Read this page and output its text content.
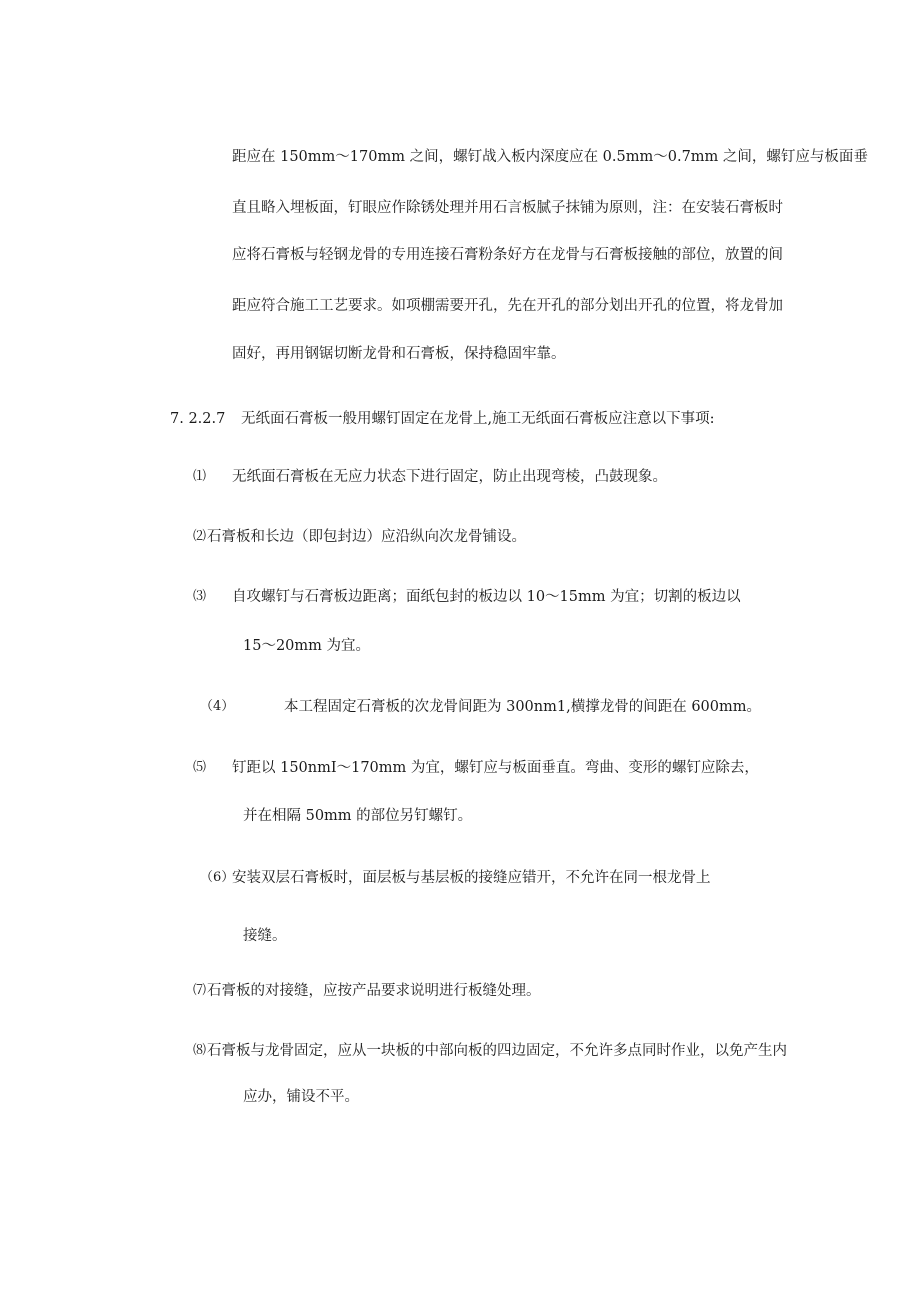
距应在 150mm～170mm 之间，螺钉战入板内深度应在 0.5mm～0.7mm 之间，螺钉应与板面垂
直且略入埋板面，钉眼应作除锈处理并用石言板腻子抹铺为原则，注：在安装石膏板时
应将石膏板与轻钢龙骨的专用连接石膏粉条好方在龙骨与石膏板接触的部位，放置的间
距应符合施工工艺要求。如项棚需要开孔，先在开孔的部分划出开孔的位置，将龙骨加
固好，再用钢锯切断龙骨和石膏板，保持稳固牢靠。
7. 2.2.7 无纸面石膏板一般用螺钉固定在龙骨上,施工无纸面石膏板应注意以下事项:
⑴ 无纸面石膏板在无应力状态下进行固定，防止出现弯棱，凸鼓现象。
⑵ 石膏板和长边（即包封边）应沿纵向次龙骨铺设。
⑶ 自攻螺钉与石膏板边距离；面纸包封的板边以 10～15mm 为宜；切割的板边以
15～20mm 为宜。
（4）	本工程固定石膏板的次龙骨间距为 300nm1,横撑龙骨的间距在 600mm。
⑸ 钉距以 150nmI～170mm 为宜，螺钉应与板面垂直。弯曲、变形的螺钉应除去，
并在相隔 50mm 的部位另钉螺钉。
（6）
安装双层石膏板时，面层板与基层板的接缝应错开，不允许在同一根龙骨上
接缝。
⑺ 石膏板的对接缝，应按产品要求说明进行板缝处理。
⑻ 石膏板与龙骨固定，应从一块板的中部向板的四边固定，不允许多点同时作业，以免产生内
应办，铺设不平。
